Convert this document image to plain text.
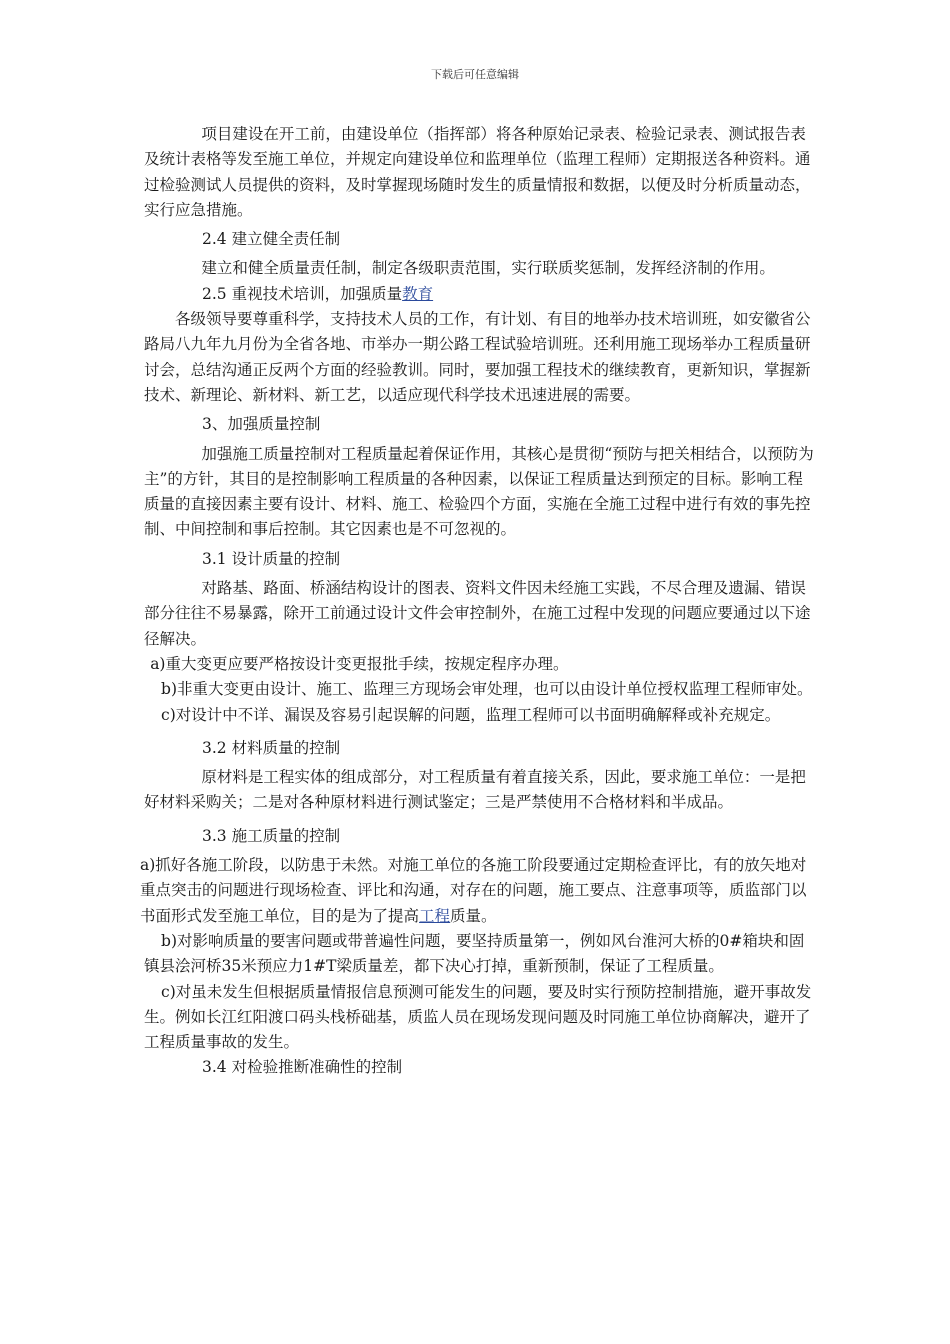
下载后可任意编辑

项目建设在开工前，由建设单位（指挥部）将各种原始记录表、检验记录表、测试报告表及统计表格等发至施工单位，并规定向建设单位和监理单位（监理工程师）定期报送各种资料。通过检验测试人员提供的资料，及时掌握现场随时发生的质量情报和数据，以便及时分析质量动态，实行应急措施。

2.4 建立健全责任制

建立和健全质量责任制，制定各级职责范围，实行联质奖惩制，发挥经济制的作用。

2.5 重视技术培训，加强质量教育

各级领导要尊重科学，支持技术人员的工作，有计划、有目的地举办技术培训班，如安徽省公路局八九年九月份为全省各地、市举办一期公路工程试验培训班。还利用施工现场举办工程质量研讨会，总结沟通正反两个方面的经验教训。同时，要加强工程技术的继续教育，更新知识，掌握新技术、新理论、新材料、新工艺，以适应现代科学技术迅速进展的需要。

3、加强质量控制

加强施工质量控制对工程质量起着保证作用，其核心是贯彻“预防与把关相结合，以预防为主”的方针，其目的是控制影响工程质量的各种因素，以保证工程质量达到预定的目标。影响工程质量的直接因素主要有设计、材料、施工、检验四个方面，实施在全施工过程中进行有效的事先控制、中间控制和事后控制。其它因素也是不可忽视的。

3.1 设计质量的控制

对路基、路面、桥涵结构设计的图表、资料文件因未经施工实践，不尽合理及遗漏、错误部分往往不易暴露，除开工前通过设计文件会审控制外，在施工过程中发现的问题应要通过以下途径解决。

a)重大变更应要严格按设计变更报批手续，按规定程序办理。

b)非重大变更由设计、施工、监理三方现场会审处理，也可以由设计单位授权监理工程师审处。

c)对设计中不详、漏误及容易引起误解的问题，监理工程师可以书面明确解释或补充规定。

3.2 材料质量的控制

原材料是工程实体的组成部分，对工程质量有着直接关系，因此，要求施工单位：一是把好材料采购关；二是对各种原材料进行测试鉴定；三是严禁使用不合格材料和半成品。

3.3 施工质量的控制

a)抓好各施工阶段，以防患于未然。对施工单位的各施工阶段要通过定期检查评比，有的放矢地对重点突击的问题进行现场检查、评比和沟通，对存在的问题，施工要点、注意事项等，质监部门以书面形式发至施工单位，目的是为了提高工程质量。

b)对影响质量的要害问题或带普遍性问题，要坚持质量第一，例如风台淮河大桥的0#箱块和固镇县浍河桥35米预应力1#T梁质量差，都下决心打掉，重新预制，保证了工程质量。

c)对虽未发生但根据质量情报信息预测可能发生的问题，要及时实行预防控制措施，避开事故发生。例如长江红阳渡口码头栈桥础基，质监人员在现场发现问题及时同施工单位协商解决，避开了工程质量事故的发生。

3.4 对检验推断准确性的控制
